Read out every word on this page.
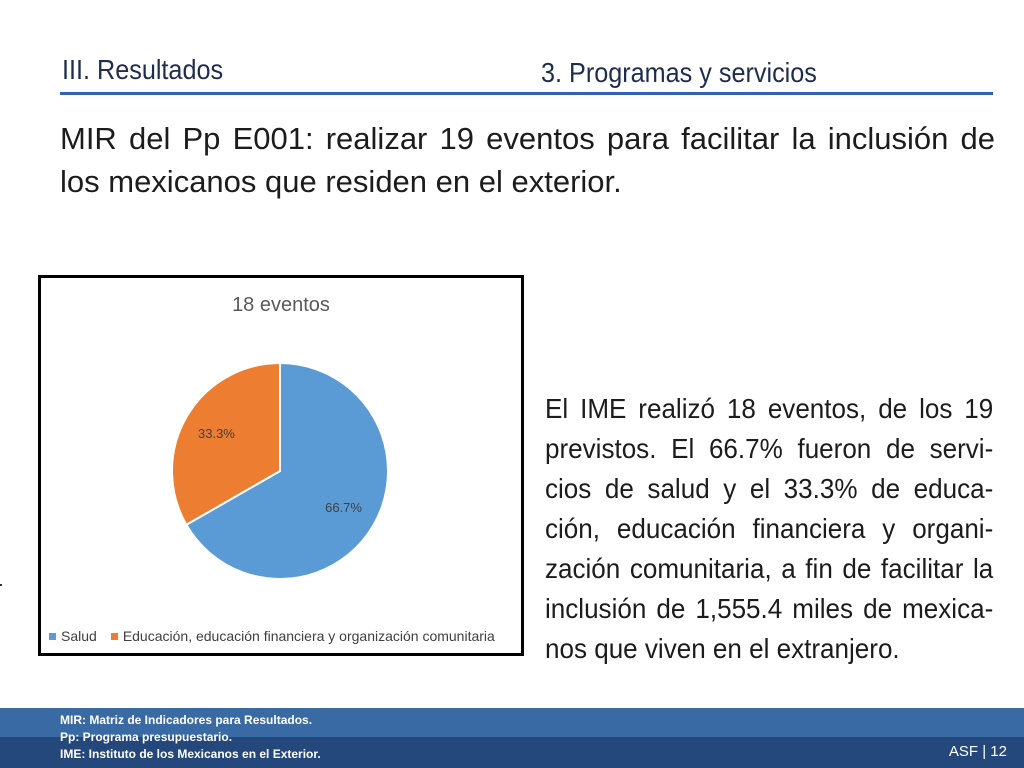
III. Resultados	3. Programas y servicios
MIR del Pp E001: realizar 19 eventos para facilitar la inclusión de los mexicanos que residen en el exterior.
18 eventos
66.7%
33.3%
Salud Educación, educación financiera y organización comunitaria
El IME realizó 18 eventos, de los 19 previstos. El 66.7% fueron de servi-cios de salud y el 33.3% de educa-ción, educación financiera y organi-zación comunitaria, a fin de facilitar la inclusión de 1,555.4 miles de mexica-nos que viven en el extranjero.
MIR: Matriz de Indicadores para Resultados.
Pp: Programa presupuestario.
IME: Instituto de los Mexicanos en el Exterior.	ASF | 12
